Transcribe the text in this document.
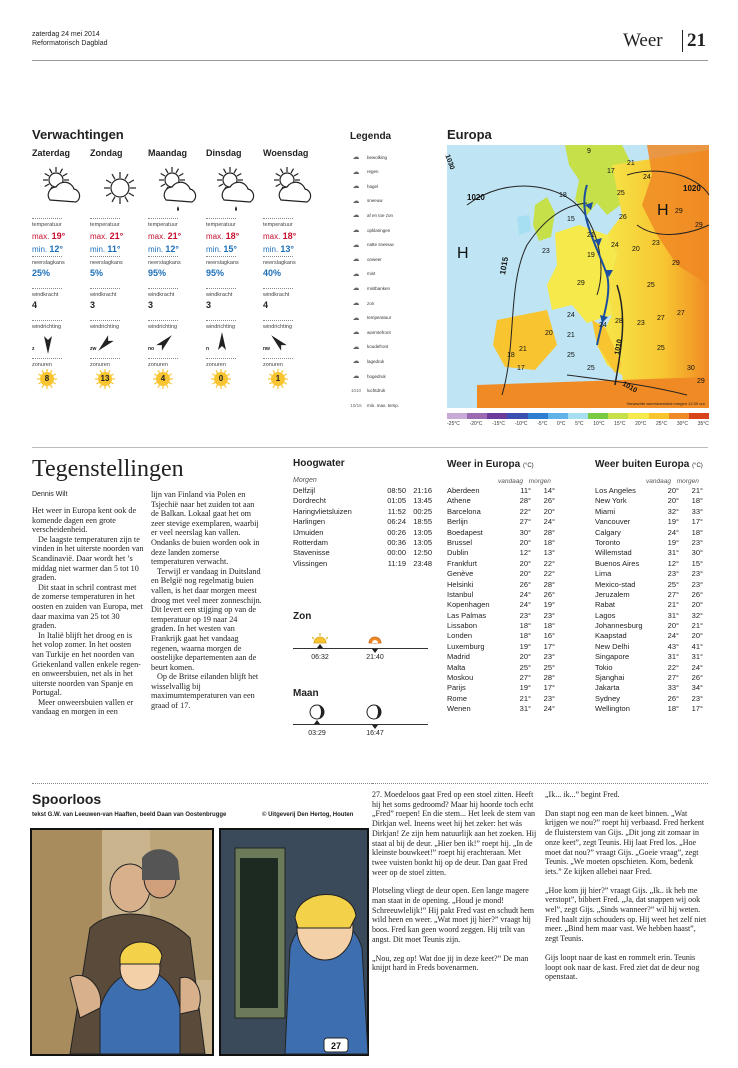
zaterdag 24 mei 2014
Reformatorisch Dagblad	Weer 21
Verwachtingen
Zaterdag
temperatuur
max. 19°
min. 12°
neerslagkans
25%
windkracht
4
windrichting
z
zonuren
8
Zondag
temperatuur
max. 21°
min. 11°
neerslagkans
5%
windkracht
3
windrichting
zw
zonuren
13
Maandag
temperatuur
max. 21°
min. 12°
neerslagkans
95%
windkracht
3
windrichting
no
zonuren
4
Dinsdag
temperatuur
max. 18°
min. 15°
neerslagkans
95%
windkracht
3
windrichting
n
zonuren
0
Woensdag
temperatuur
max. 18°
min. 13°
neerslagkans
40%
windkracht
4
windrichting
nw
zonuren
1
Legenda
☁	bewolking
☁	regen
☁	hagel
☁	sneeuw
☁	af en toe zon
☁	opklaringen
☁	natte sneeuw
☁	onweer
☁	mist
☁	mistbanken
☁	zon
☁	temperatuur
☁	warmtefront
☁	koudefront
☁	lagedruk
☁	hogedruk
1010	luchtdruk
10/15	min. max. temp.
Europa
1020
1015
1020
1030
1010
1010
H
H
9
17
21
24
18	25
29
29
26
15
21
24
20
23
29
25
18
17
20 21
24
28 23
27
27
25
25	30
29
25
24
19
23
21
29
Verwachte weerstoestand morgen 12.00 uur
-25°C -20°C -15°C -10°C -5°C 0°C 5°C 10°C 15°C 20°C 25°C 30°C 35°C
Tegenstellingen
Dennis Wilt

Het weer in Europa kent ook de komende dagen een grote verscheidenheid.

De laagste temperaturen zijn te vinden in het uiterste noorden van Scandinavië. Daar wordt het ’s middag niet warmer dan 5 tot 10 graden.

Dit staat in schril contrast met de zomerse temperaturen in het oosten en zuiden van Europa, met daar maxima van 25 tot 30 graden.

In Italië blijft het droog en is het volop zomer. In het oosten van Turkije en het noorden van Griekenland vallen enkele regen- en onweersbuien, net als in het uiterste noorden van Spanje en Portugal.

Meer onweersbuien vallen er vandaag en morgen in een

lijn van Finland via Polen en Tsjechië naar het zuiden tot aan de Balkan. Lokaal gaat het om zeer stevige exemplaren, waarbij er veel neerslag kan vallen. Ondanks de buien worden ook in deze landen zomerse temperaturen verwacht.

Terwijl er vandaag in Duitsland en België nog regelmatig buien vallen, is het daar morgen meest droog met veel meer zonneschijn. Dit levert een stijging op van de temperatuur op 19 naar 24 graden. In het westen van Frankrijk gaat het vandaag regenen, waarna morgen de oostelijke departementen aan de beurt komen.

Op de Britse eilanden blijft het wisselvallig bij maximumtemperaturen van een graad of 17.

Hoogwater
Morgen
Delfzijl	08:50 21:16
Dordrecht	01:05 13:45
Haringvlietsluizen	11:52 00:25
Harlingen	06:24 18:55
IJmuiden	00:26 13:05
Rotterdam	00:36 13:05
Stavenisse	00:00 12:50
Vlissingen	11:19 23:48
Zon
06:32	21:40
Maan
03:29	16:47
Weer in Europa (°C)
vandaag morgen
Aberdeen	11°	14°
Athene	28°	26°
Barcelona	22°	20°
Berlijn	27°	24°
Boedapest	30°	28°
Brussel	20°	18°
Dublin	12°	13°
Frankfurt	20°	22°
Genève	20°	22°
Helsinki	26°	28°
Istanbul	24°	26°
Kopenhagen	24°	19°
Las Palmas	23°	23°
Lissabon	18°	18°
Londen	18°	16°
Luxemburg	19°	17°
Madrid	20°	23°
Malta	25°	25°
Moskou	27°	28°
Parijs	19°	17°
Rome	21°	23°
Wenen	31°	24°
Weer buiten Europa (°C)
vandaag morgen
Los Angeles	20°	21°
New York	20°	18°
Miami	32°	33°
Vancouver	19°	17°
Calgary	24°	18°
Toronto	19°	23°
Willemstad	31°	30°
Buenos Aires	12°	15°
Lima	23°	23°
Mexico-stad	25°	23°
Jeruzalem	27°	26°
Rabat	21°	20°
Lagos	31°	32°
Johannesburg	20°	21°
Kaapstad	24°	20°
New Delhi	43°	41°
Singapore	31°	31°
Tokio	22°	24°
Sjanghai	27°	26°
Jakarta	33°	34°
Sydney	26°	23°
Wellington	18°	17°
Spoorloos
tekst G.W. van Leeuwen-van Haaften, beeld Daan van Oostenbrugge	© Uitgeverij Den Hertog, Houten
27

27. Moedeloos gaat Fred op een stoel zitten. Heeft hij het soms gedroomd? Maar hij hoorde toch echt „Fred” roepen! En die stem... Het leek de stem van Dirkjan wel. Ineens weet hij het zeker: het wás Dirkjan! Ze zijn hem natuurlijk aan het zoeken. Hij staat al bij de deur. „Hier ben ik!” roept hij. „In de kleinste bouwkeet!” roept hij erachteraan. Met twee vuisten bonkt hij op de deur. Dan gaat Fred weer op de stoel zitten.

Plotseling vliegt de deur open. Een lange magere man staat in de opening. „Houd je mond! Schreeuwlelijk!” Hij pakt Fred vast en schudt hem wild heen en weer. „Wat moet jij hier?” vraagt hij boos. Fred kan geen woord zeggen. Hij trilt van angst. Dit moet Teunis zijn.

„Nou, zeg op! Wat doe jij in deze keet?” De man knijpt hard in Freds bovenarmen.

„Ik... ik...” begint Fred.

Dan stapt nog een man de keet binnen. „Wat krijgen we nou?” roept hij verbaasd. Fred herkent de fluisterstem van Gijs. „Dit jong zit zomaar in onze keet”, zegt Teunis. Hij laat Fred los. „Hoe moet dat nou?” vraagt Gijs. „Goeie vraag”, zegt Teunis. „We moeten opschieten. Kom, bedenk iets.” Ze kijken allebei naar Fred.

„Hoe kom jij hier?” vraagt Gijs. „Ik.. ik heb me verstopt”, bibbert Fred. „Ja, dat snappen wij ook wel”, zegt Gijs. „Sinds wanneer?” wil hij weten. Fred haalt zijn schouders op. Hij weet het zelf niet meer. „Bind hem maar vast. We hebben haast”, zegt Teunis.

Gijs loopt naar de kast en rommelt erin. Teunis loopt ook naar de kast. Fred ziet dat de deur nog openstaat.
